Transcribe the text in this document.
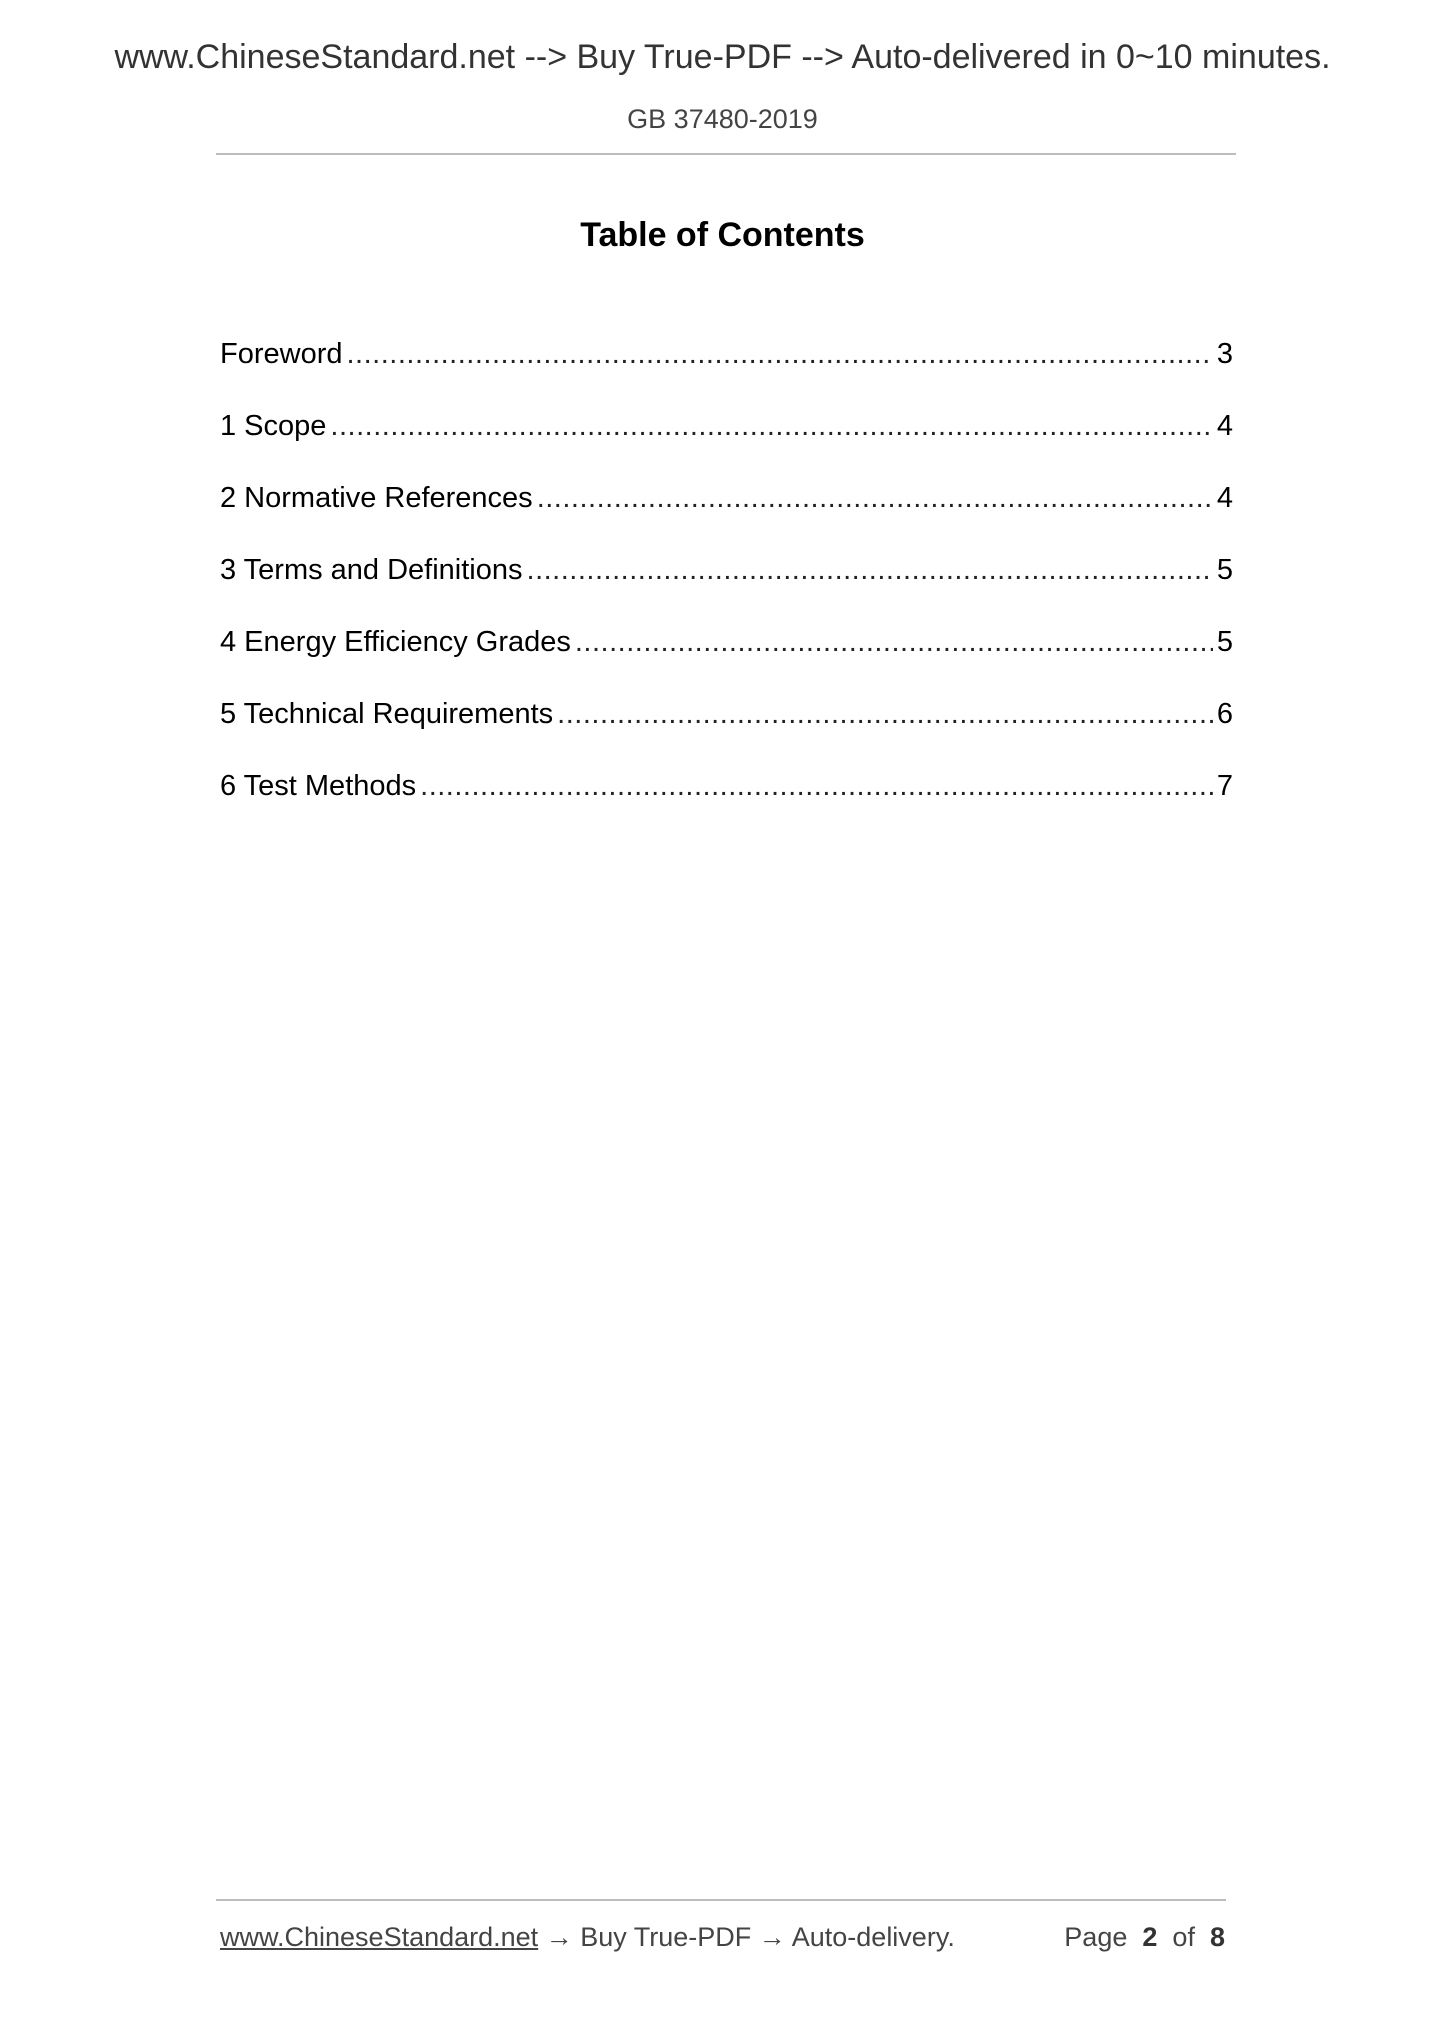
www.ChineseStandard.net --> Buy True-PDF --> Auto-delivered in 0~10 minutes.
GB 37480-2019
Table of Contents
Foreword .....	3
1 Scope .....	4
2 Normative References .....	4
3 Terms and Definitions .....	5
4 Energy Efficiency Grades .....	5
5 Technical Requirements .....	6
6 Test Methods .....	7
www.ChineseStandard.net → Buy True-PDF → Auto-delivery.	Page 2 of 8
